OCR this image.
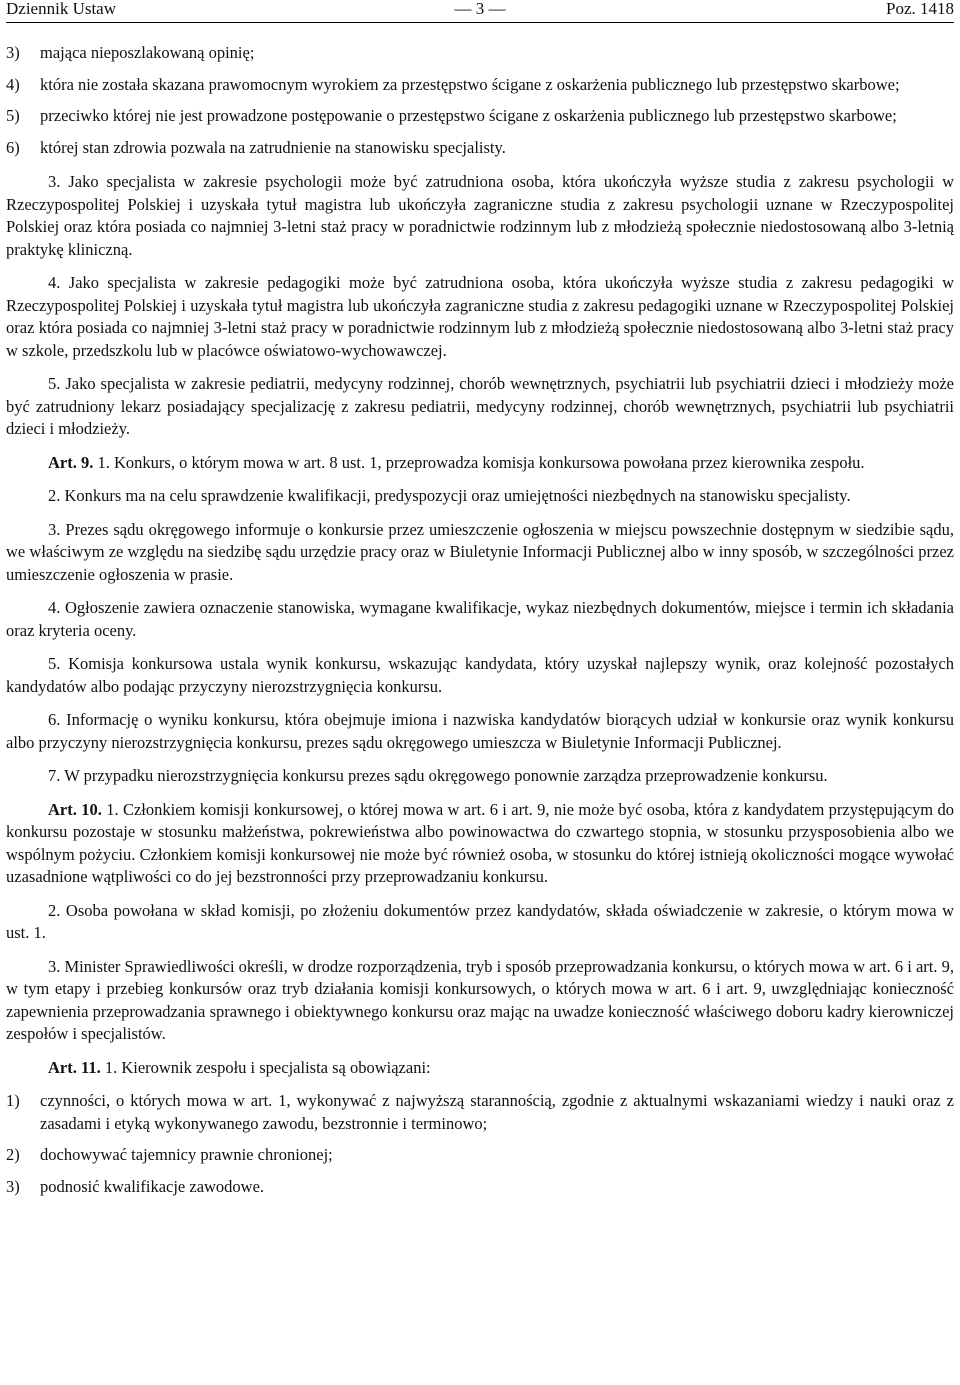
Dziennik Ustaw	— 3 —	Poz. 1418
3)	mająca nieposzlakowaną opinię;
4)	która nie została skazana prawomocnym wyrokiem za przestępstwo ścigane z oskarżenia publicznego lub przestępstwo skarbowe;
5)	przeciwko której nie jest prowadzone postępowanie o przestępstwo ścigane z oskarżenia publicznego lub przestępstwo skarbowe;
6)	której stan zdrowia pozwala na zatrudnienie na stanowisku specjalisty.

3. Jako specjalista w zakresie psychologii może być zatrudniona osoba, która ukończyła wyższe studia z zakresu psychologii w Rzeczypospolitej Polskiej i uzyskała tytuł magistra lub ukończyła zagraniczne studia z zakresu psychologii uznane w Rzeczypospolitej Polskiej oraz która posiada co najmniej 3-letni staż pracy w poradnictwie rodzinnym lub z młodzieżą społecznie niedostosowaną albo 3-letnią praktykę kliniczną.

4. Jako specjalista w zakresie pedagogiki może być zatrudniona osoba, która ukończyła wyższe studia z zakresu pedagogiki w Rzeczypospolitej Polskiej i uzyskała tytuł magistra lub ukończyła zagraniczne studia z zakresu pedagogiki uznane w Rzeczypospolitej Polskiej oraz która posiada co najmniej 3-letni staż pracy w poradnictwie rodzinnym lub z młodzieżą społecznie niedostosowaną albo 3-letni staż pracy w szkole, przedszkolu lub w placówce oświatowo-wychowawczej.

5. Jako specjalista w zakresie pediatrii, medycyny rodzinnej, chorób wewnętrznych, psychiatrii lub psychiatrii dzieci i młodzieży może być zatrudniony lekarz posiadający specjalizację z zakresu pediatrii, medycyny rodzinnej, chorób wewnętrznych, psychiatrii lub psychiatrii dzieci i młodzieży.

Art. 9. 1. Konkurs, o którym mowa w art. 8 ust. 1, przeprowadza komisja konkursowa powołana przez kierownika zespołu.

2. Konkurs ma na celu sprawdzenie kwalifikacji, predyspozycji oraz umiejętności niezbędnych na stanowisku specjalisty.

3. Prezes sądu okręgowego informuje o konkursie przez umieszczenie ogłoszenia w miejscu powszechnie dostępnym w siedzibie sądu, we właściwym ze względu na siedzibę sądu urzędzie pracy oraz w Biuletynie Informacji Publicznej albo w inny sposób, w szczególności przez umieszczenie ogłoszenia w prasie.

4. Ogłoszenie zawiera oznaczenie stanowiska, wymagane kwalifikacje, wykaz niezbędnych dokumentów, miejsce i termin ich składania oraz kryteria oceny.

5. Komisja konkursowa ustala wynik konkursu, wskazując kandydata, który uzyskał najlepszy wynik, oraz kolejność pozostałych kandydatów albo podając przyczyny nierozstrzygnięcia konkursu.

6. Informację o wyniku konkursu, która obejmuje imiona i nazwiska kandydatów biorących udział w konkursie oraz wynik konkursu albo przyczyny nierozstrzygnięcia konkursu, prezes sądu okręgowego umieszcza w Biuletynie Informacji Publicznej.

7. W przypadku nierozstrzygnięcia konkursu prezes sądu okręgowego ponownie zarządza przeprowadzenie konkursu.

Art. 10. 1. Członkiem komisji konkursowej, o której mowa w art. 6 i art. 9, nie może być osoba, która z kandydatem przystępującym do konkursu pozostaje w stosunku małżeństwa, pokrewieństwa albo powinowactwa do czwartego stopnia, w stosunku przysposobienia albo we wspólnym pożyciu. Członkiem komisji konkursowej nie może być również osoba, w stosunku do której istnieją okoliczności mogące wywołać uzasadnione wątpliwości co do jej bezstronności przy przeprowadzaniu konkursu.

2. Osoba powołana w skład komisji, po złożeniu dokumentów przez kandydatów, składa oświadczenie w zakresie, o którym mowa w ust. 1.

3. Minister Sprawiedliwości określi, w drodze rozporządzenia, tryb i sposób przeprowadzania konkursu, o których mowa w art. 6 i art. 9, w tym etapy i przebieg konkursów oraz tryb działania komisji konkursowych, o których mowa w art. 6 i art. 9, uwzględniając konieczność zapewnienia przeprowadzania sprawnego i obiektywnego konkursu oraz mając na uwadze konieczność właściwego doboru kadry kierowniczej zespołów i specjalistów.

Art. 11. 1. Kierownik zespołu i specjalista są obowiązani:

1)	czynności, o których mowa w art. 1, wykonywać z najwyższą starannością, zgodnie z aktualnymi wskazaniami wiedzy i nauki oraz z zasadami i etyką wykonywanego zawodu, bezstronnie i terminowo;
2)	dochowywać tajemnicy prawnie chronionej;
3)	podnosić kwalifikacje zawodowe.
